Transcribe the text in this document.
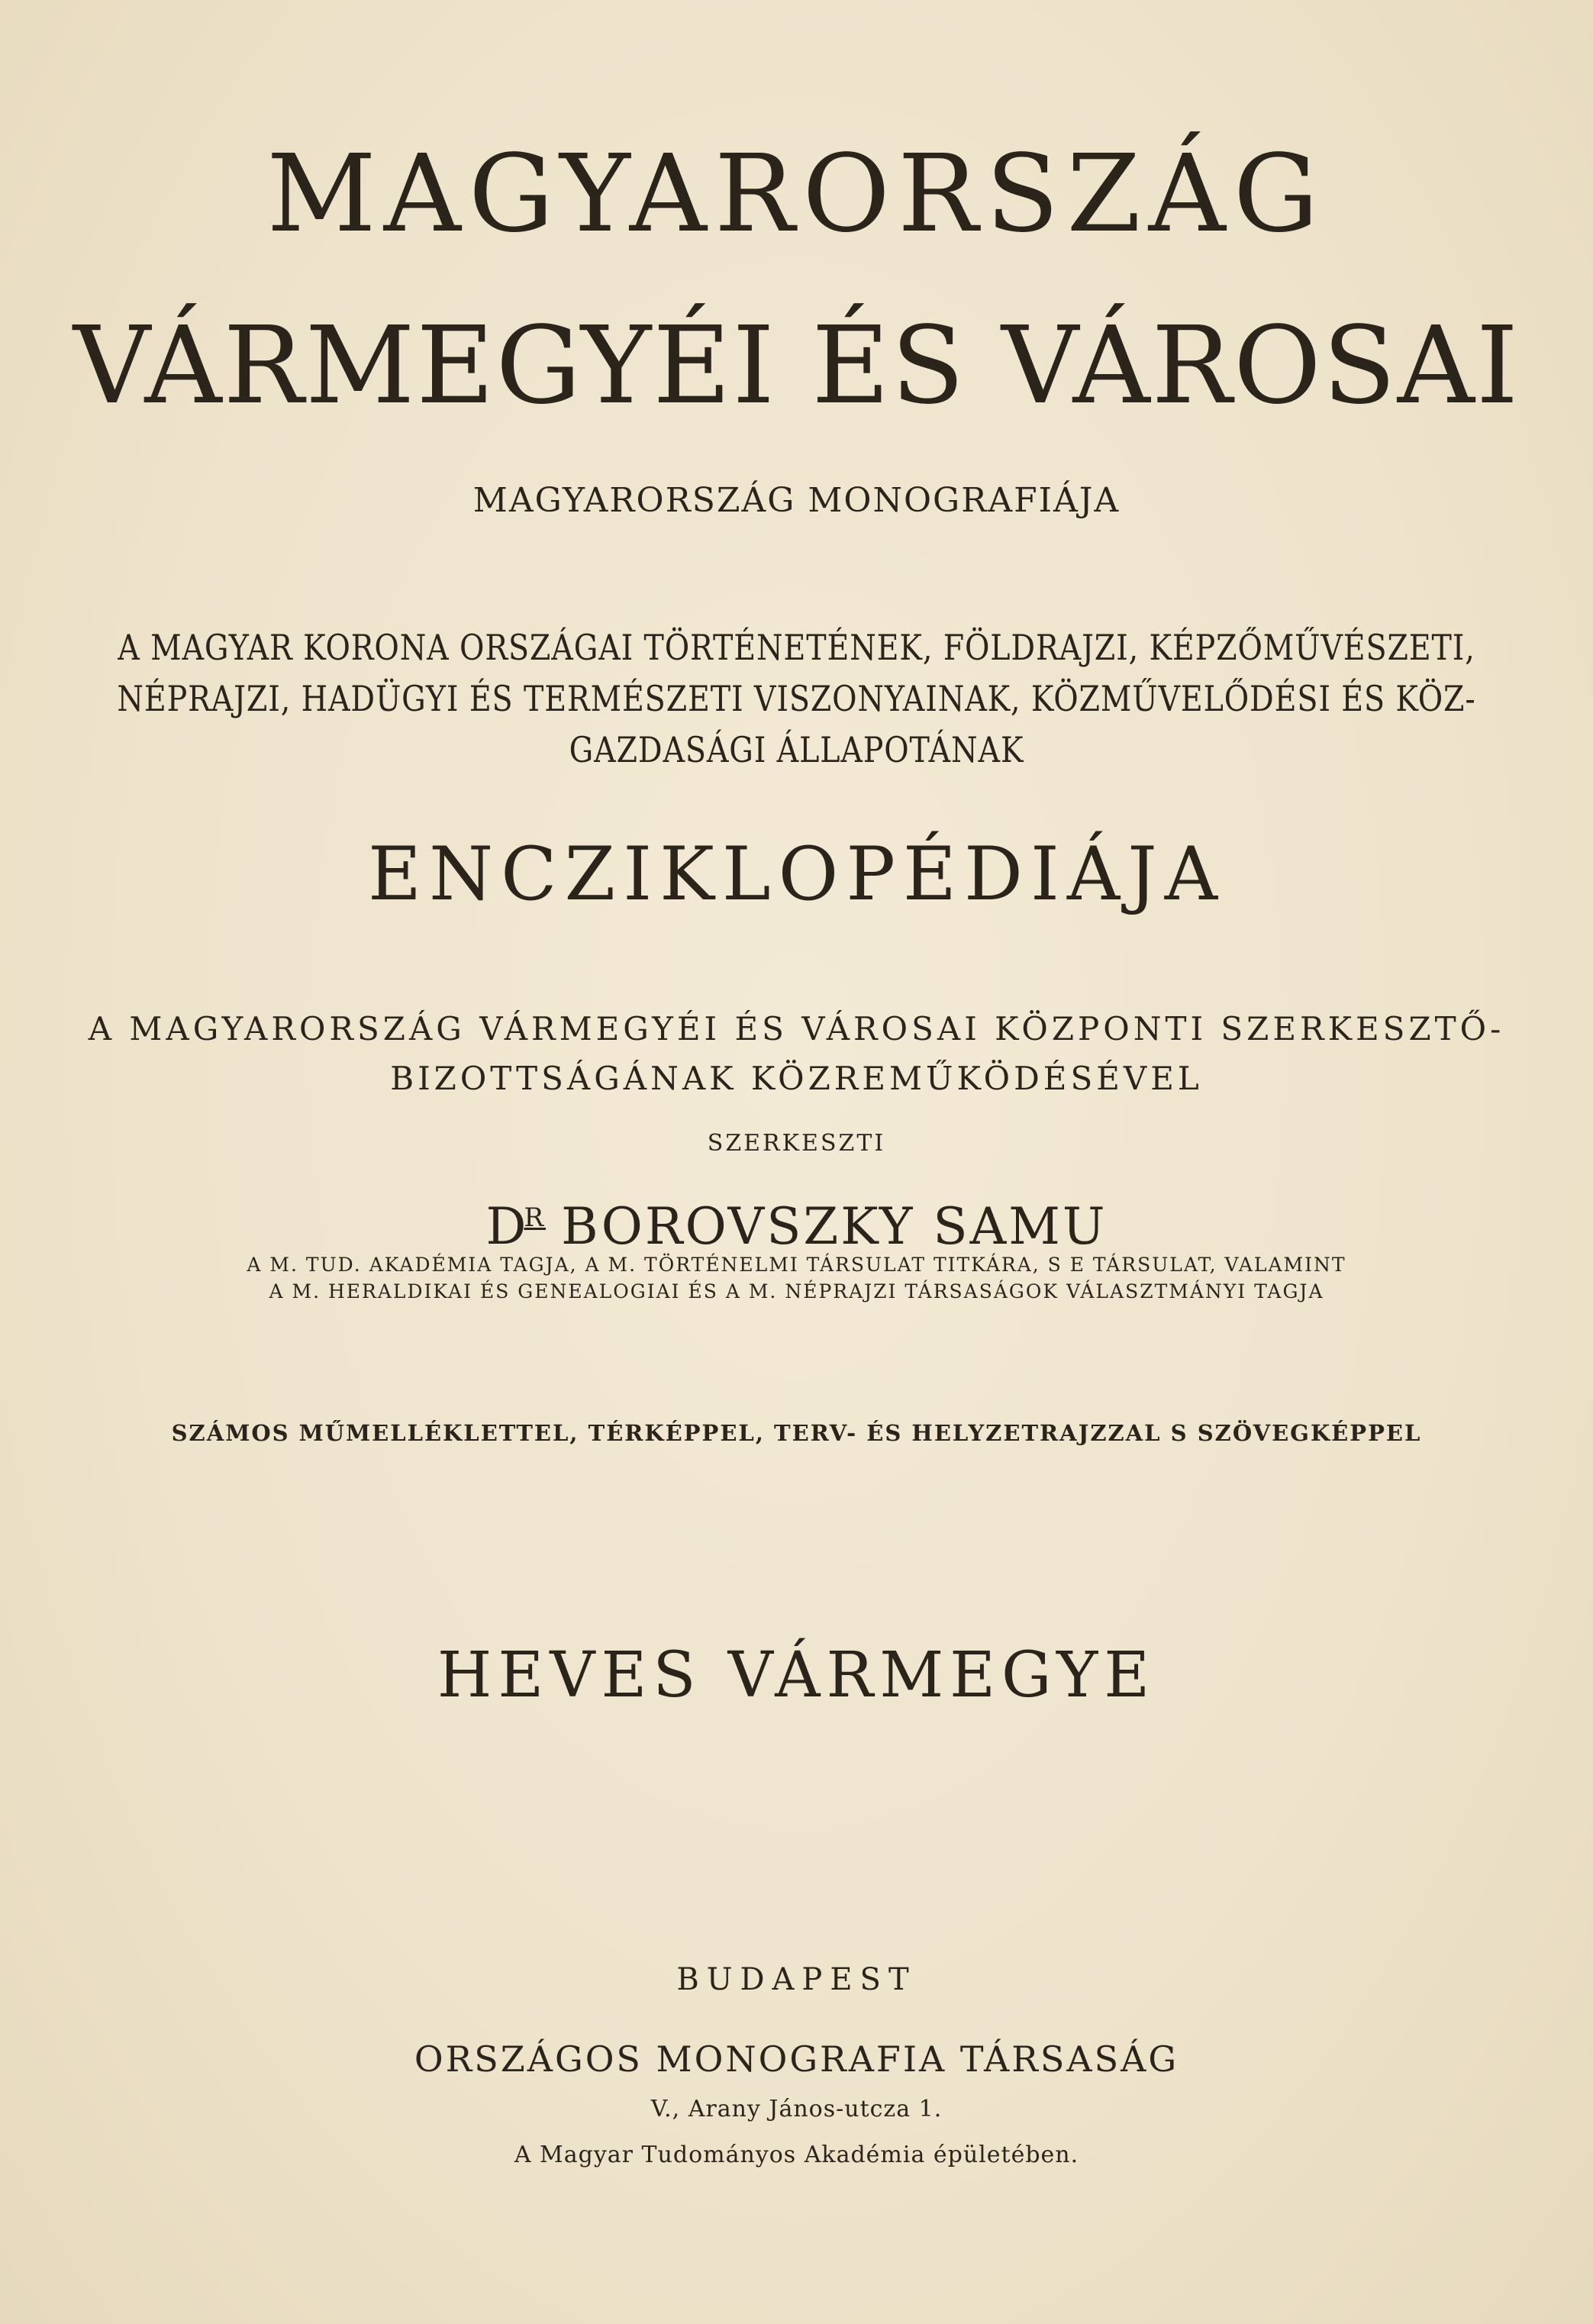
MAGYARORSZÁG
VÁRMEGYÉI ÉS VÁROSAI
MAGYARORSZÁG MONOGRAFIÁJA
A MAGYAR KORONA ORSZÁGAI TÖRTÉNETÉNEK, FÖLDRAJZI, KÉPZŐMŰVÉSZETI,
NÉPRAJZI, HADÜGYI ÉS TERMÉSZETI VISZONYAINAK, KÖZMŰVELŐDÉSI ÉS KÖZ-
GAZDASÁGI ÁLLAPOTÁNAK
ENCZIKLOPÉDIÁJA
A MAGYARORSZÁG VÁRMEGYÉI ÉS VÁROSAI KÖZPONTI SZERKESZTŐ-
BIZOTTSÁGÁNAK KÖZREMŰKÖDÉSÉVEL
SZERKESZTI
$D^R$ BOROVSZKY SAMU
A M. TUD. AKADÉMIA TAGJA, A M. TÖRTÉNELMI TÁRSULAT TITKÁRA, S E TÁRSULAT, VALAMINT
A M. HERALDIKAI ÉS GENEALOGIAI ÉS A M. NÉPRAJZI TÁRSASÁGOK VÁLASZTMÁNYI TAGJA
SZÁMOS MŰMELLÉKLETTEL, TÉRKÉPPEL, TERV- ÉS HELYZETRAJZZAL S SZÖVEGKÉPPEL
HEVES VÁRMEGYE
BUDAPEST
ORSZÁGOS MONOGRAFIA TÁRSASÁG
V., Arany János-utcza 1.
A Magyar Tudományos Akadémia épületében.
